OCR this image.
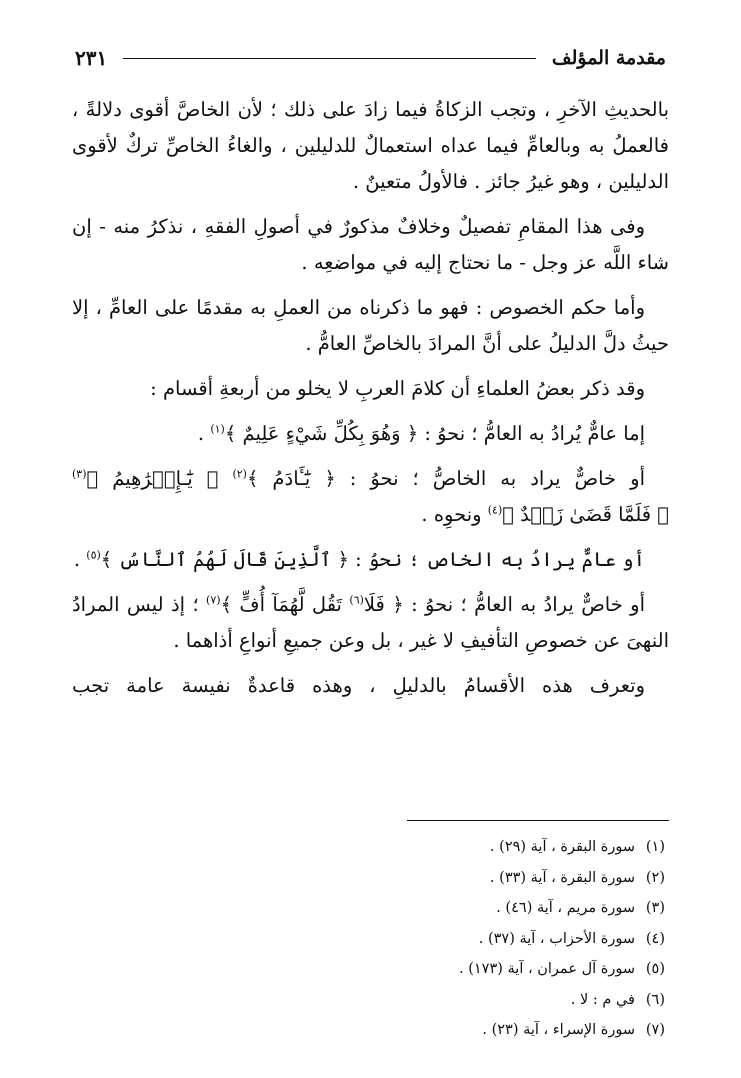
مقدمة المؤلف
٢٣١

بالحديثِ الآخرِ ، وتجب الزكاةُ فيما زادَ على ذلك ؛ لأن الخاصَّ أقوى دلالةً ، فالعملُ به وبالعامِّ فيما عداه استعمالٌ للدليلين ، والغاءُ الخاصِّ تركٌ لأقوى الدليلين ، وهو غيرُ جائز . فالأولُ متعينٌ .

وفى هذا المقامِ تفصيلٌ وخلافٌ مذكورٌ في أصولِ الفقهِ ، نذكرُ منه - إن شاء اللَّه عز وجل - ما نحتاج إليه في مواضعِه .

وأما حكم الخصوص : فهو ما ذكرناه من العملِ به مقدمًا على العامِّ ، إلا حيثُ دلَّ الدليلُ على أنَّ المرادَ بالخاصِّ العامُّ .

وقد ذكر بعضُ العلماءِ أن كلامَ العربِ لا يخلو من أربعةِ أقسام :

إما عامٌّ يُرادُ به العامُّ ؛ نحوُ : ﴿ وَهُوَ بِكُلِّ شَيْءٍ عَلِيمٌ ﴾$^{(١)}$ .

أو خاصٌّ يراد به الخاصُّ ؛ نحوُ : ﴿ يَٰٓـَٔادَمُ ﴾$^{(٢)}$ ﴿ يَٰٓـإِبۡرَٰهِيمُ ﴾$^{(٣)}$ ﴿ فَلَمَّا قَضَىٰ زَيۡدٌ ﴾$^{(٤)}$ ونحوِه .

أو عامٌّ يرادُ به الخاص ؛ نحوُ : ﴿ ٱلَّذِينَ قَالَ لَهُمُ ٱلنَّاسُ ﴾$^{(٥)}$ .

أو خاصٌّ يرادُ به العامُّ ؛ نحوُ : ﴿ فَلَا$^{(٦)}$ تَقُل لَّهُمَآ أُفٍّ ﴾$^{(٧)}$ ؛ إذ ليس المرادُ النهىَ عن خصوصِ التأفيفِ لا غير ، بل وعن جميعِ أنواعِ أذاهما .

وتعرف هذه الأقسامُ بالدليلِ ، وهذه قاعدةٌ نفيسة عامة تجب

(١)سورة البقرة ، آية (٢٩) .
(٢)سورة البقرة ، آية (٣٣) .
(٣)سورة مريم ، آية (٤٦) .
(٤)سورة الأحزاب ، آية (٣٧) .
(٥)سورة آل عمران ، آية (١٧٣) .
(٦)في م : لا .
(٧)سورة الإسراء ، آية (٢٣) .
